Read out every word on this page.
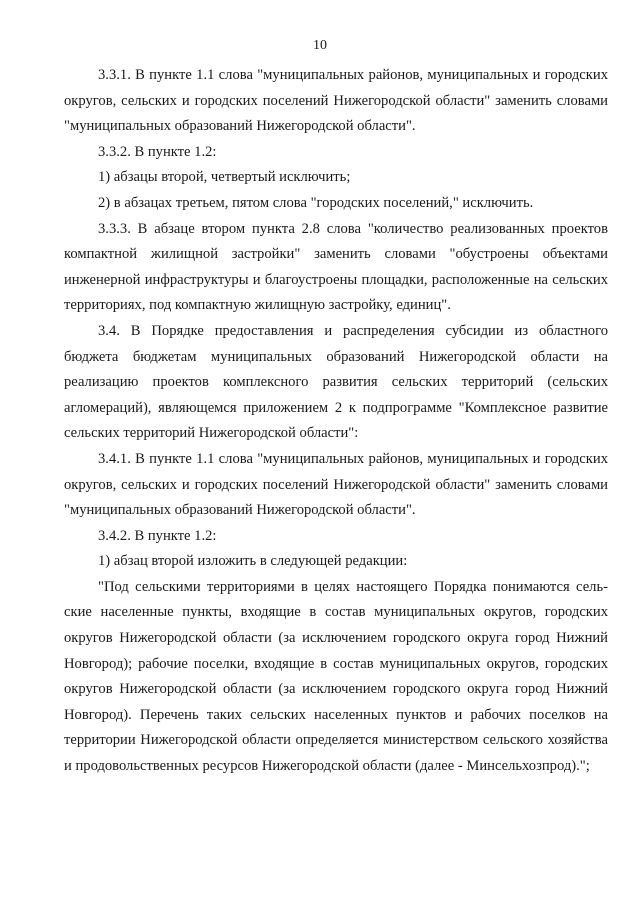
10

3.3.1. В пункте 1.1 слова "муниципальных районов, муниципальных и городских округов, сельских и городских поселений Нижегородской области" заменить словами "муниципальных образований Нижегородской области".

3.3.2. В пункте 1.2:

1) абзацы второй, четвертый исключить;

2) в абзацах третьем, пятом слова "городских поселений," исключить.

3.3.3. В абзаце втором пункта 2.8 слова "количество реализованных проектов компактной жилищной застройки" заменить словами "обустроены объектами инженерной инфраструктуры и благоустроены площадки, расположенные на сельских территориях, под компактную жилищную застройку, единиц".

3.4. В Порядке предоставления и распределения субсидии из областного бюджета бюджетам муниципальных образований Нижегородской области на реализацию проектов комплексного развития сельских территорий (сельских агломераций), являющемся приложением 2 к подпрограмме "Комплексное развитие сельских территорий Нижегородской области":

3.4.1. В пункте 1.1 слова "муниципальных районов, муниципальных и городских округов, сельских и городских поселений Нижегородской области" заменить словами "муниципальных образований Нижегородской области".

3.4.2. В пункте 1.2:

1) абзац второй изложить в следующей редакции:

"Под сельскими территориями в целях настоящего Порядка понимаются сельские населенные пункты, входящие в состав муниципальных округов, городских округов Нижегородской области (за исключением городского округа город Нижний Новгород); рабочие поселки, входящие в состав муниципальных округов, городских округов Нижегородской области (за исключением городского округа город Нижний Новгород). Перечень таких сельских населенных пунктов и рабочих поселков на территории Нижегородской области определяется министерством сельского хозяйства и продовольственных ресурсов Нижегородской области (далее - Минсельхозпрод).";
